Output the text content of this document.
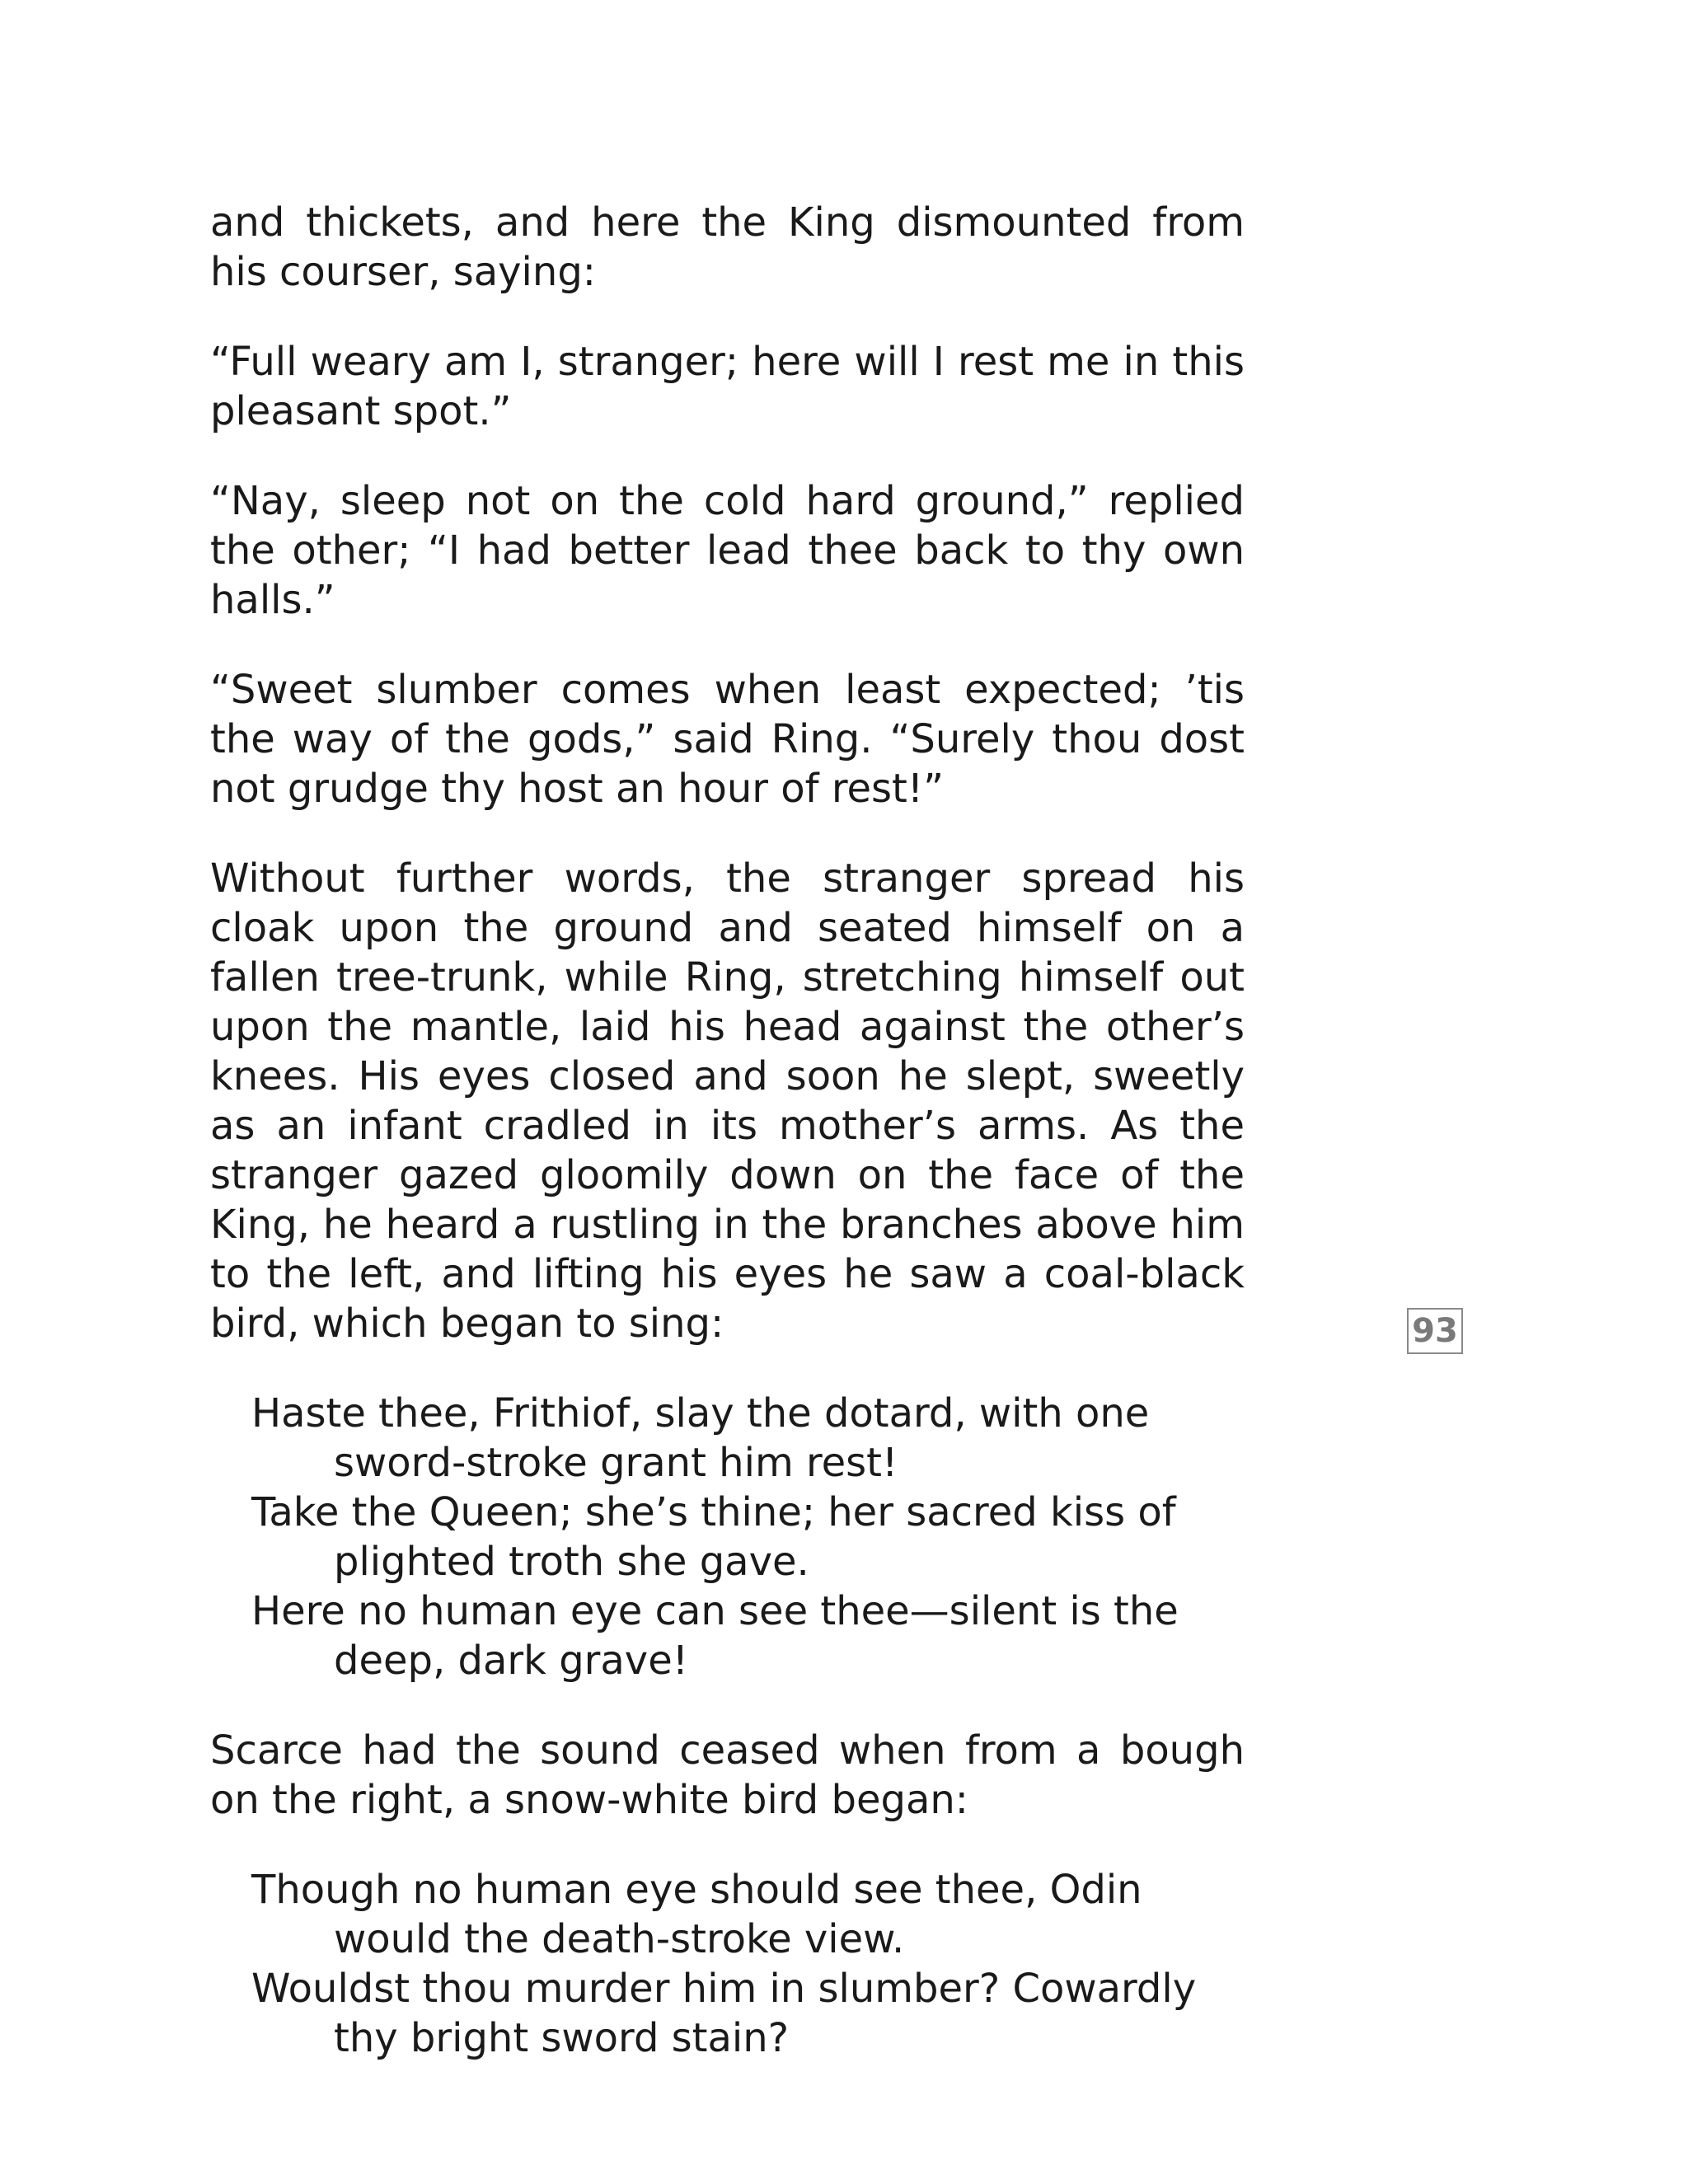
and thickets, and here the King dismounted from his courser, saying:

“Full weary am I, stranger; here will I rest me in this pleasant spot.”

“Nay, sleep not on the cold hard ground,” replied the other; “I had better lead thee back to thy own halls.”

“Sweet slumber comes when least expected; ’tis the way of the gods,” said Ring. “Surely thou dost not grudge thy host an hour of rest!”

Without further words, the stranger spread his cloak upon the ground and seated himself on a fallen tree-trunk, while Ring, stretching himself out upon the mantle, laid his head against the other’s knees. His eyes closed and soon he slept, sweetly as an infant cradled in its mother’s arms. As the stranger gazed gloomily down on the face of the King, he heard a rustling in the branches above him to the left, and lifting his eyes he saw a coal-black bird, which began to sing:

Haste thee, Frithiof, slay the dotard, with one sword-stroke grant him rest!
Take the Queen; she’s thine; her sacred kiss of plighted troth she gave.
Here no human eye can see thee—silent is the deep, dark grave!

Scarce had the sound ceased when from a bough on the right, a snow-white bird began:

Though no human eye should see thee, Odin would the death-stroke view.
Wouldst thou murder him in slumber? Cowardly thy bright sword stain?
93
